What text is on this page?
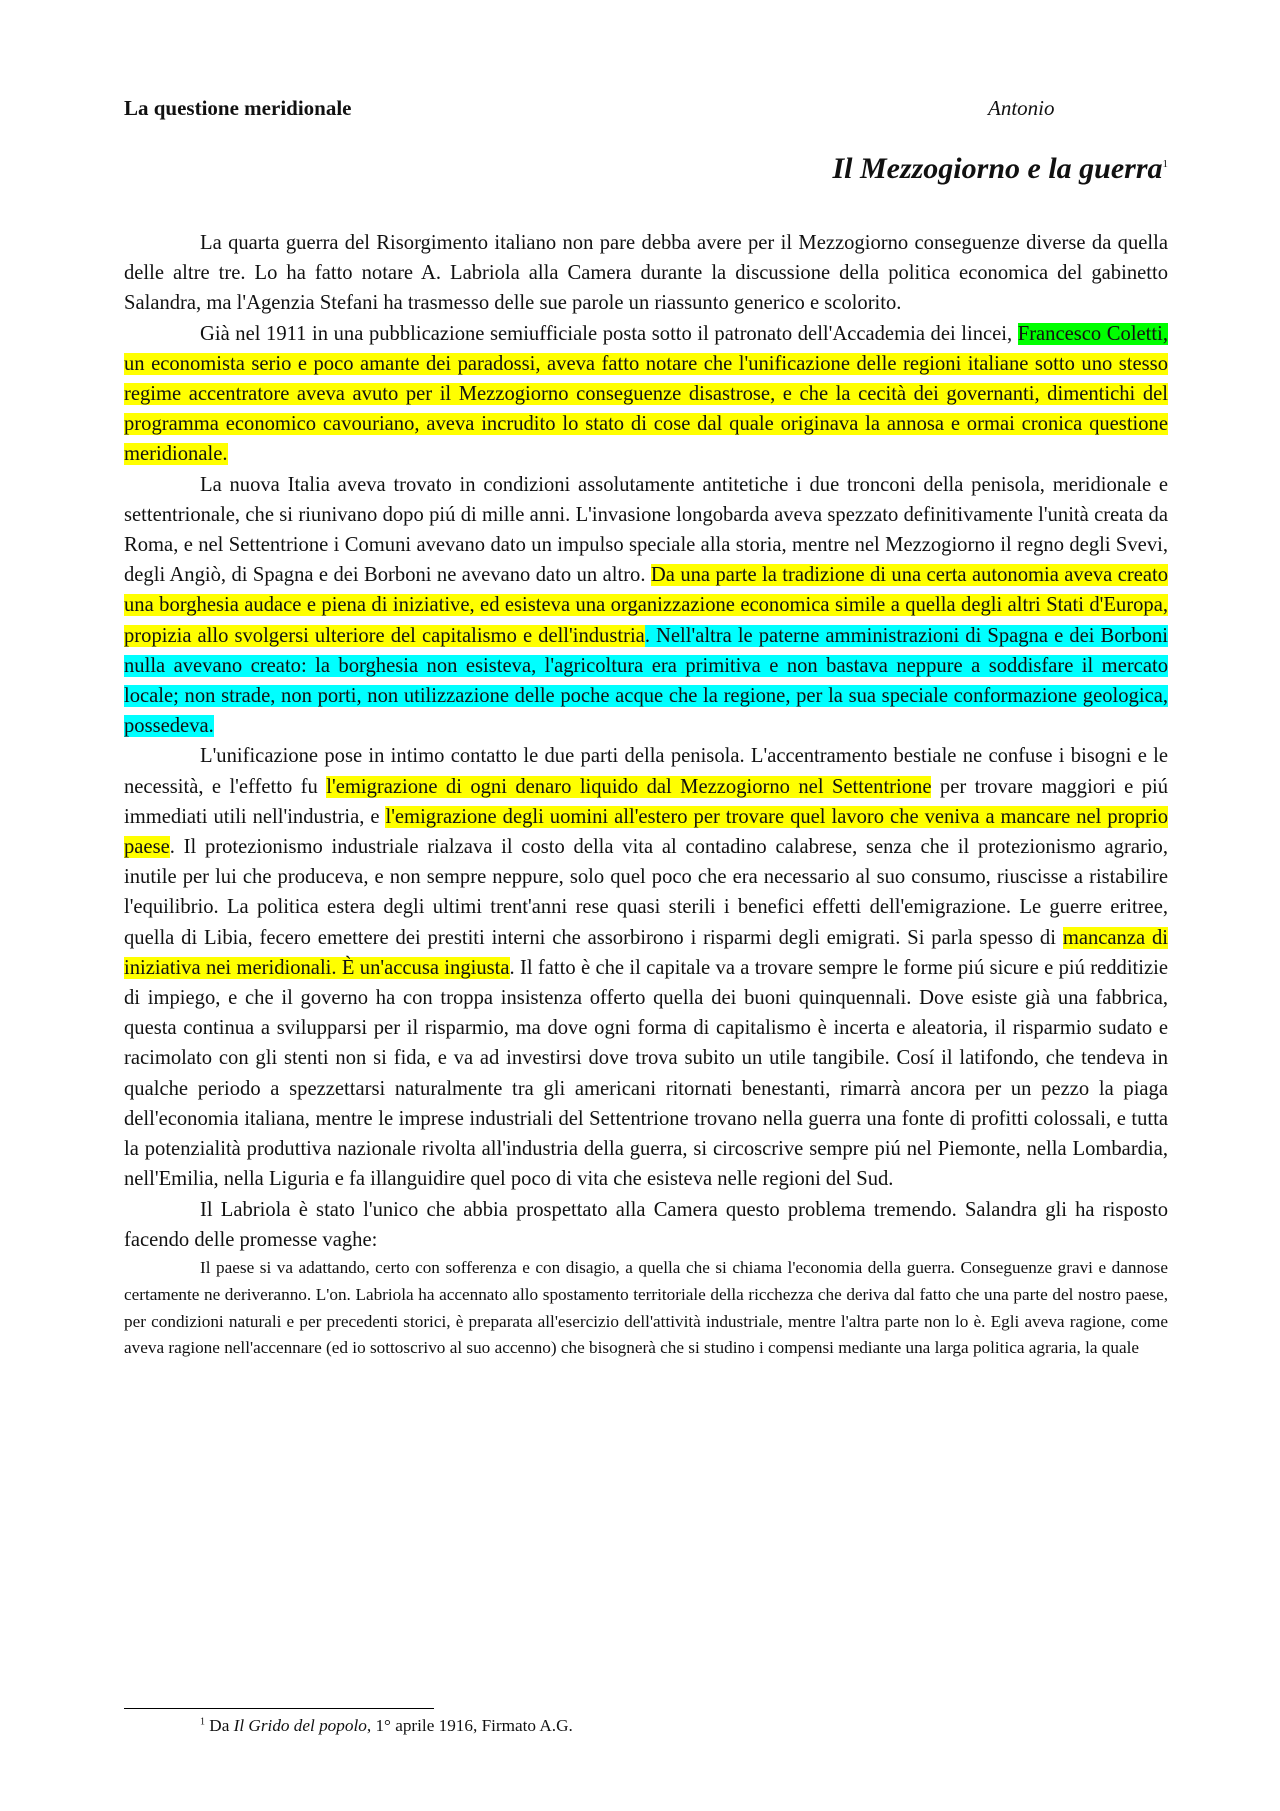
La questione meridionale	Antonio
Il Mezzogiorno e la guerra$^1$

La quarta guerra del Risorgimento italiano non pare debba avere per il Mezzogiorno conseguenze diverse da quella delle altre tre. Lo ha fatto notare A. Labriola alla Camera durante la discussione della politica economica del gabinetto Salandra, ma l'Agenzia Stefani ha trasmesso delle sue parole un riassunto generico e scolorito.

Già nel 1911 in una pubblicazione semiufficiale posta sotto il patronato dell'Accademia dei lincei, Francesco Coletti, un economista serio e poco amante dei paradossi, aveva fatto notare che l'unificazione delle regioni italiane sotto uno stesso regime accentratore aveva avuto per il Mezzogiorno conseguenze disastrose, e che la cecità dei governanti, dimentichi del programma economico cavouriano, aveva incrudito lo stato di cose dal quale originava la annosa e ormai cronica questione meridionale.

La nuova Italia aveva trovato in condizioni assolutamente antitetiche i due tronconi della penisola, meridionale e settentrionale, che si riunivano dopo piú di mille anni. L'invasione longobarda aveva spezzato definitivamente l'unità creata da Roma, e nel Settentrione i Comuni avevano dato un impulso speciale alla storia, mentre nel Mezzogiorno il regno degli Svevi, degli Angiò, di Spagna e dei Borboni ne avevano dato un altro. Da una parte la tradizione di una certa autonomia aveva creato una borghesia audace e piena di iniziative, ed esisteva una organizzazione economica simile a quella degli altri Stati d'Europa, propizia allo svolgersi ulteriore del capitalismo e dell'industria. Nell'altra le paterne amministrazioni di Spagna e dei Borboni nulla avevano creato: la borghesia non esisteva, l'agricoltura era primitiva e non bastava neppure a soddisfare il mercato locale; non strade, non porti, non utilizzazione delle poche acque che la regione, per la sua speciale conformazione geologica, possedeva.

L'unificazione pose in intimo contatto le due parti della penisola. L'accentramento bestiale ne confuse i bisogni e le necessità, e l'effetto fu l'emigrazione di ogni denaro liquido dal Mezzogiorno nel Settentrione per trovare maggiori e piú immediati utili nell'industria, e l'emigrazione degli uomini all'estero per trovare quel lavoro che veniva a mancare nel proprio paese. Il protezionismo industriale rialzava il costo della vita al contadino calabrese, senza che il protezionismo agrario, inutile per lui che produceva, e non sempre neppure, solo quel poco che era necessario al suo consumo, riuscisse a ristabilire l'equilibrio. La politica estera degli ultimi trent'anni rese quasi sterili i benefici effetti dell'emigrazione. Le guerre eritree, quella di Libia, fecero emettere dei prestiti interni che assorbirono i risparmi degli emigrati. Si parla spesso di mancanza di iniziativa nei meridionali. È un'accusa ingiusta. Il fatto è che il capitale va a trovare sempre le forme piú sicure e piú redditizie di impiego, e che il governo ha con troppa insistenza offerto quella dei buoni quinquennali. Dove esiste già una fabbrica, questa continua a svilupparsi per il risparmio, ma dove ogni forma di capitalismo è incerta e aleatoria, il risparmio sudato e racimolato con gli stenti non si fida, e va ad investirsi dove trova subito un utile tangibile. Cosí il latifondo, che tendeva in qualche periodo a spezzettarsi naturalmente tra gli americani ritornati benestanti, rimarrà ancora per un pezzo la piaga dell'economia italiana, mentre le imprese industriali del Settentrione trovano nella guerra una fonte di profitti colossali, e tutta la potenzialità produttiva nazionale rivolta all'industria della guerra, si circoscrive sempre piú nel Piemonte, nella Lombardia, nell'Emilia, nella Liguria e fa illanguidire quel poco di vita che esisteva nelle regioni del Sud.

Il Labriola è stato l'unico che abbia prospettato alla Camera questo problema tremendo. Salandra gli ha risposto facendo delle promesse vaghe:

Il paese si va adattando, certo con sofferenza e con disagio, a quella che si chiama l'economia della guerra. Conseguenze gravi e dannose certamente ne deriveranno. L'on. Labriola ha accennato allo spostamento territoriale della ricchezza che deriva dal fatto che una parte del nostro paese, per condizioni naturali e per precedenti storici, è preparata all'esercizio dell'attività industriale, mentre l'altra parte non lo è. Egli aveva ragione, come aveva ragione nell'accennare (ed io sottoscrivo al suo accenno) che bisognerà che si studino i compensi mediante una larga politica agraria, la quale

$^1$ Da Il Grido del popolo, 1° aprile 1916, Firmato A.G.
